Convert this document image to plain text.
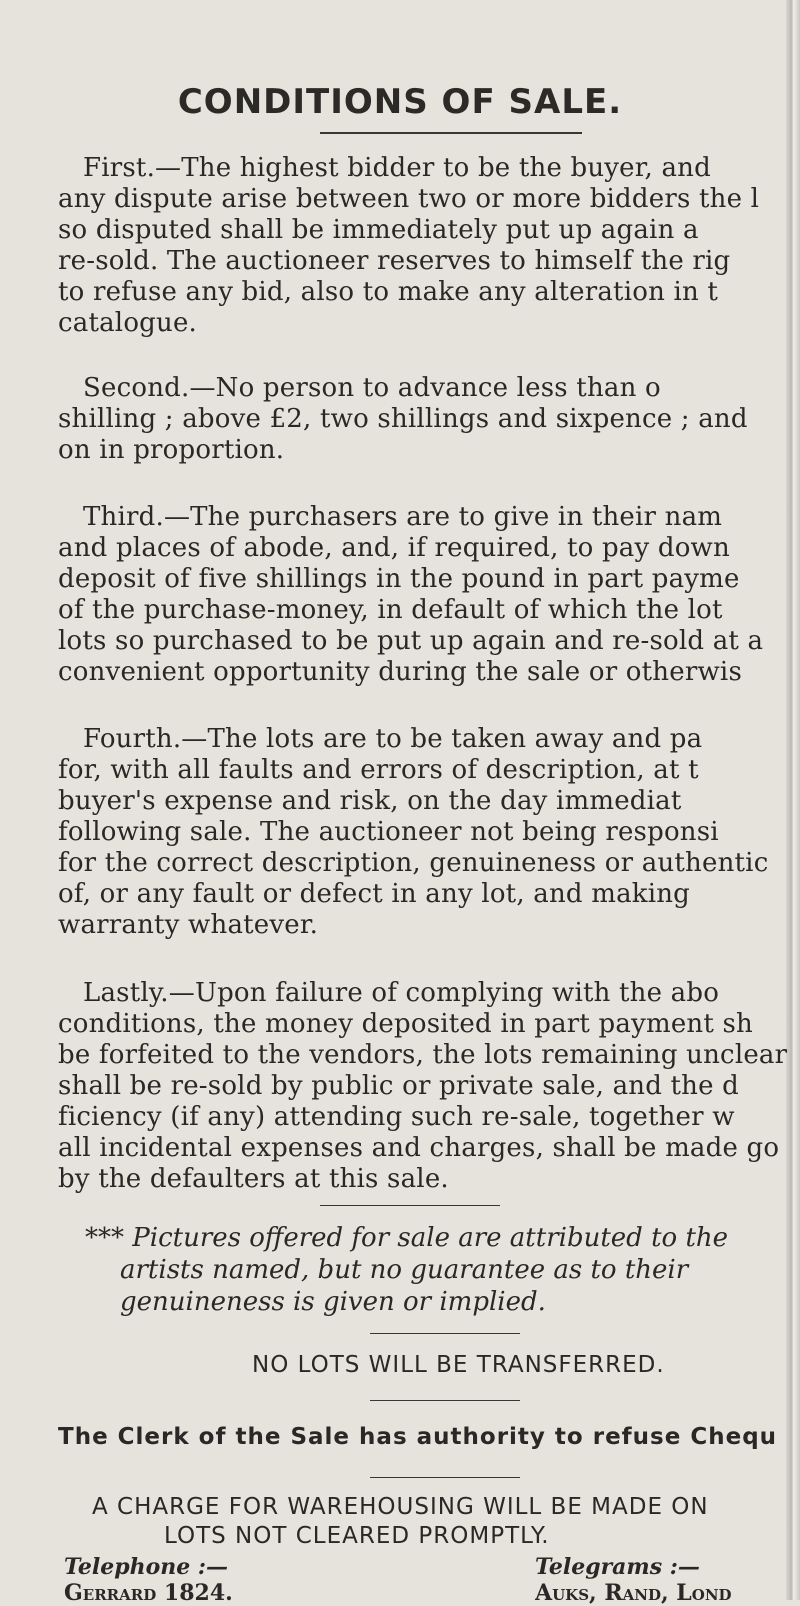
CONDITIONS OF SALE.
First.—The highest bidder to be the buyer, and
any dispute arise between two or more bidders the l
so disputed shall be immediately put up again a
re-sold. The auctioneer reserves to himself the rig
to refuse any bid, also to make any alteration in t
catalogue.
Second.—No person to advance less than o
shilling ; above £2, two shillings and sixpence ; and
on in proportion.
Third.—The purchasers are to give in their nam
and places of abode, and, if required, to pay down
deposit of five shillings in the pound in part payme
of the purchase-money, in default of which the lot
lots so purchased to be put up again and re-sold at a
convenient opportunity during the sale or otherwis
Fourth.—The lots are to be taken away and pa
for, with all faults and errors of description, at t
buyer's expense and risk, on the day immediat
following sale. The auctioneer not being responsi
for the correct description, genuineness or authentic
of, or any fault or defect in any lot, and making
warranty whatever.
Lastly.—Upon failure of complying with the abo
conditions, the money deposited in part payment sh
be forfeited to the vendors, the lots remaining unclear
shall be re-sold by public or private sale, and the d
ficiency (if any) attending such re-sale, together w
all incidental expenses and charges, shall be made go
by the defaulters at this sale.
*** Pictures offered for sale are attributed to the
artists named, but no guarantee as to their
genuineness is given or implied.
NO LOTS WILL BE TRANSFERRED.
The Clerk of the Sale has authority to refuse Chequ
A CHARGE FOR WAREHOUSING WILL BE MADE ON
LOTS NOT CLEARED PROMPTLY.
Telephone :—
Gerrard 1824.
Telegrams :—
Auks, Rand, Lond
